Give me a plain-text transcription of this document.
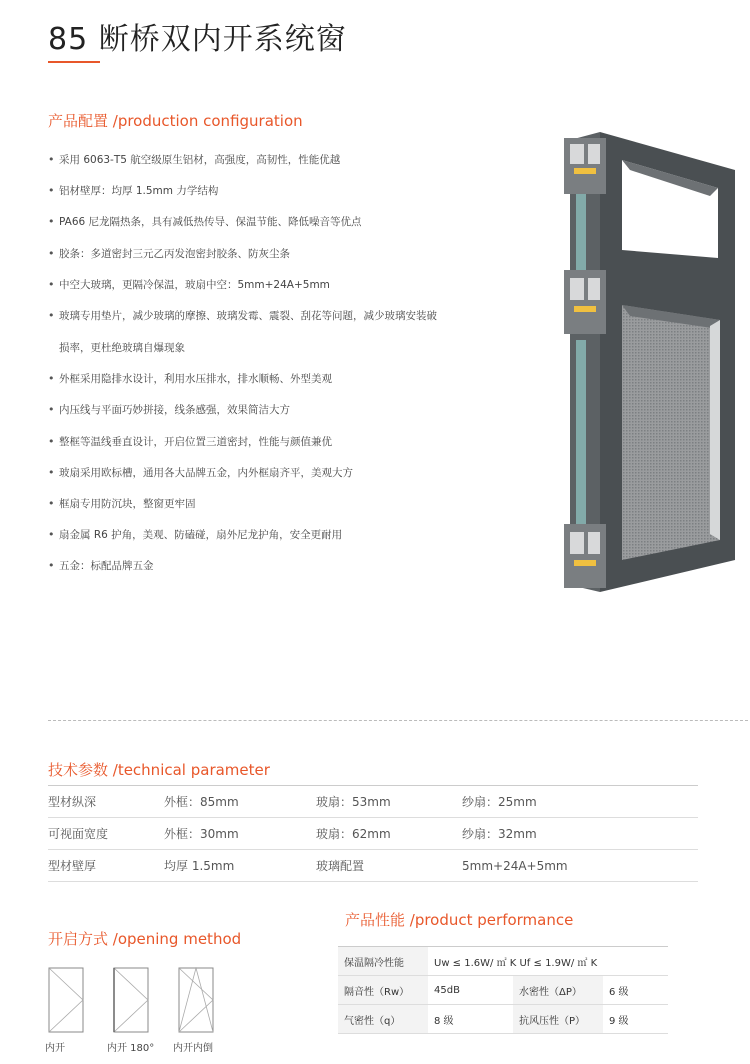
85 断桥双内开系统窗
产品配置 /production configuration
• 采用 6063-T5 航空级原生铝材，高强度，高韧性，性能优越
• 铝材壁厚：均厚 1.5mm 力学结构
• PA66 尼龙隔热条，具有减低热传导、保温节能、降低噪音等优点
• 胶条：多道密封三元乙丙发泡密封胶条、防灰尘条
• 中空大玻璃，更隔冷保温，玻扇中空：5mm+24A+5mm
• 玻璃专用垫片，减少玻璃的摩擦、玻璃发霉、震裂、刮花等问题，减少玻璃安装破损率，更杜绝玻璃自爆现象
• 外框采用隐排水设计，利用水压排水，排水顺畅、外型美观
• 内压线与平面巧妙拼接，线条感强，效果简洁大方
• 整框等温线垂直设计，开启位置三道密封，性能与颜值兼优
• 玻扇采用欧标槽，通用各大品牌五金，内外框扇齐平，美观大方
• 框扇专用防沉块，整窗更牢固
• 扇金属 R6 护角，美观、防磕碰，扇外尼龙护角，安全更耐用
• 五金：标配品牌五金
技术参数 /technical parameter
型材纵深	外框：85mm	玻扇：53mm	纱扇：25mm
可视面宽度	外框：30mm	玻扇：62mm	纱扇：32mm
型材壁厚	均厚 1.5mm	玻璃配置	5mm+24A+5mm
产品性能 /product performance
保温隔冷性能	Uw ≤ 1.6W/ ㎡ K Uf ≤ 1.9W/ ㎡ K		
隔音性（Rw）	45dB	水密性（ΔP）	6 级
气密性（q）	8 级	抗风压性（P）	9 级
开启方式 /opening method
内开	内开 180° 内开内倒
